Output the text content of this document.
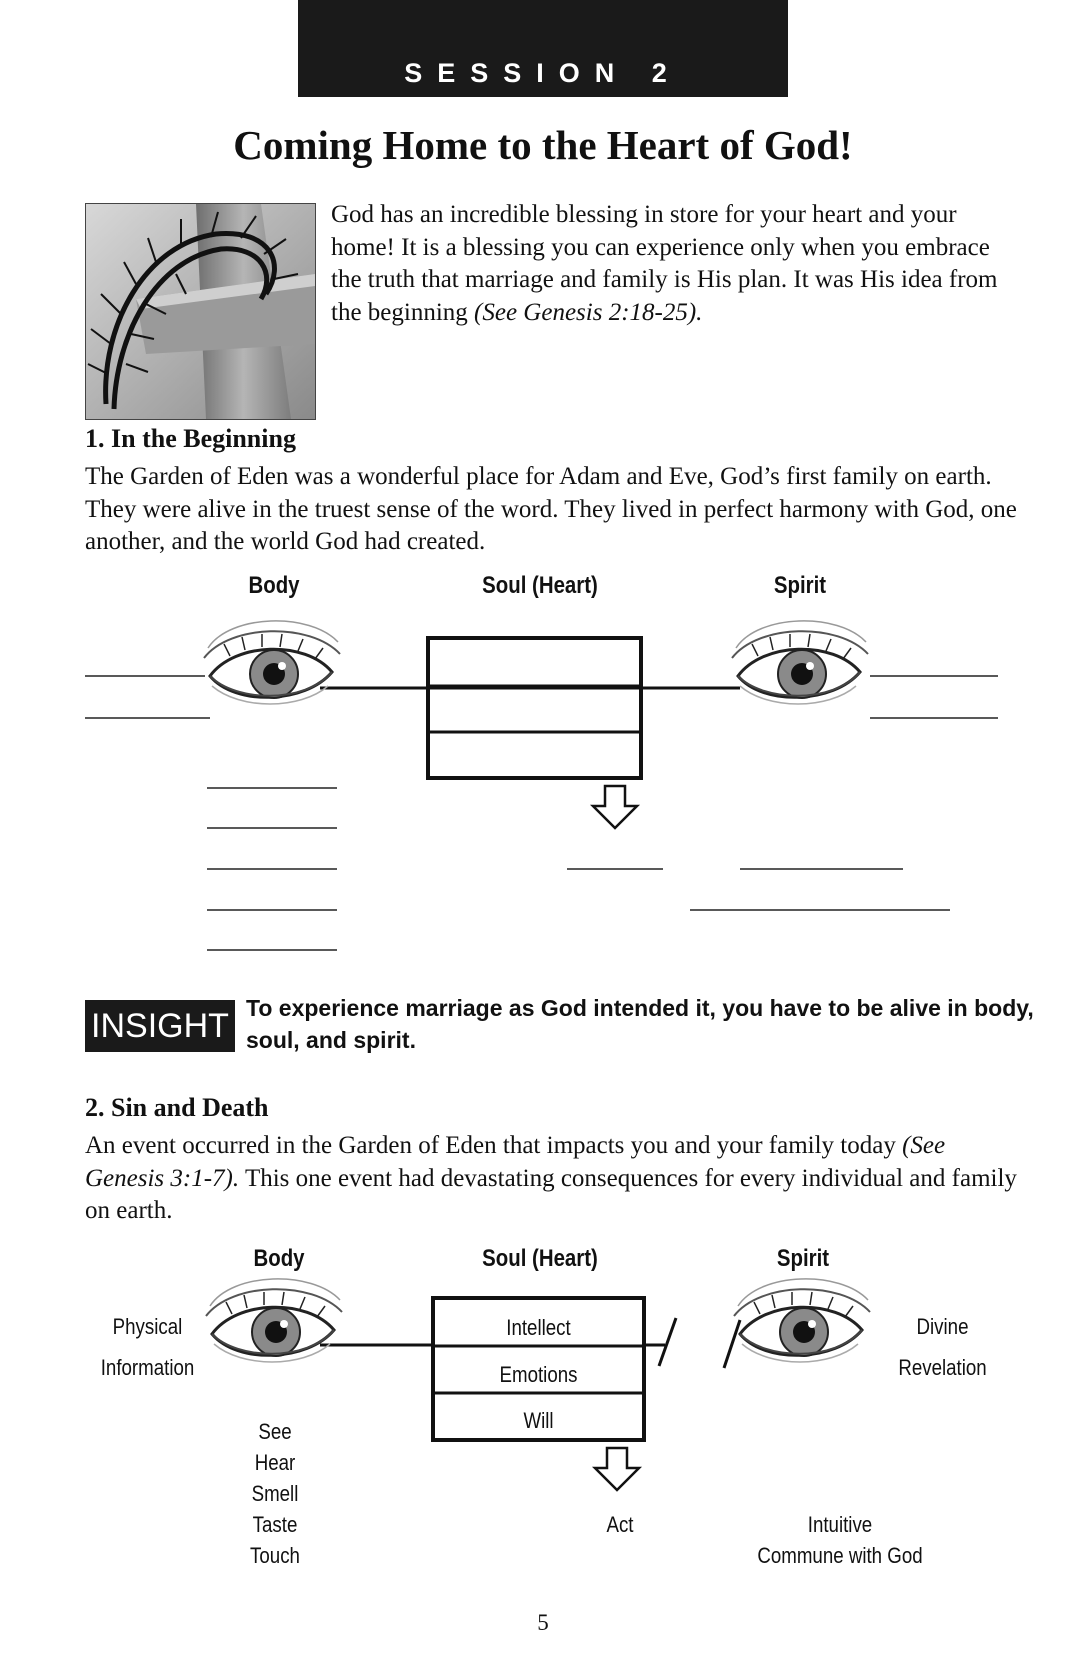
SESSION 2
Coming Home to the Heart of God!
God has an incredible blessing in store for your heart and your home! It is a blessing you can experience only when you embrace the truth that marriage and family is His plan. It was His idea from the beginning (See Genesis 2:18-25).
1. In the Beginning
The Garden of Eden was a wonderful place for Adam and Eve, God’s first family on earth. They were alive in the truest sense of the word. They lived in perfect harmony with God, one another, and the world God had created.
Body	Soul (Heart)	Spirit
INSIGHT To experience marriage as God intended it, you have to be alive in body, soul, and spirit.
2. Sin and Death
An event occurred in the Garden of Eden that impacts you and your family today (See Genesis 3:1-7). This one event had devastating consequences for every individual and family on earth.
Body	Soul (Heart)	Spirit
Physical
Information
Divine
Revelation
Intellect
Emotions
Will
See
Hear
Smell
Taste
Touch
Act	Intuitive
Commune with God
5
